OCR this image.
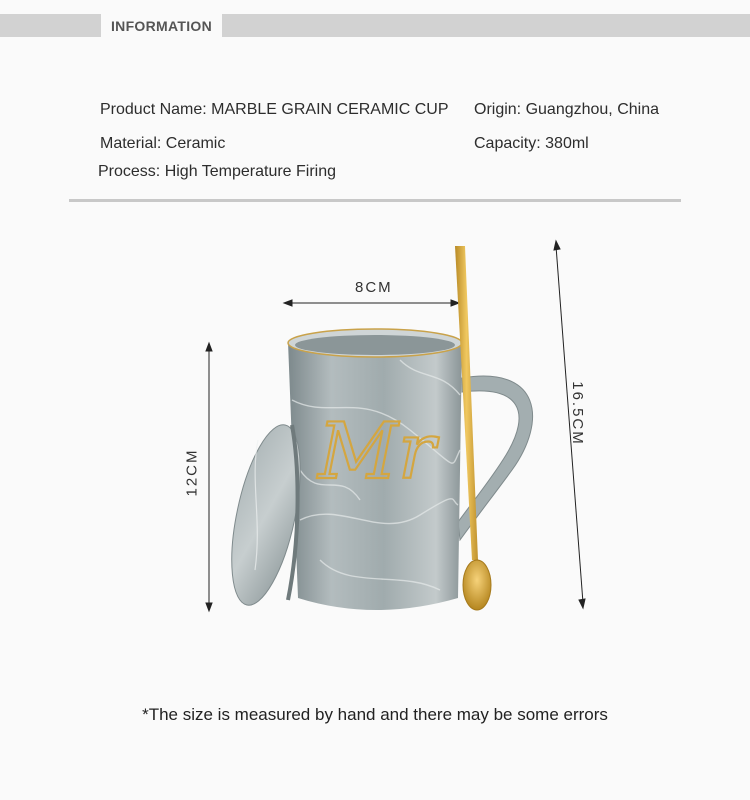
INFORMATION
Product Name: MARBLE GRAIN CERAMIC CUP Origin: Guangzhou, China
Material: Ceramic	Capacity: 380ml
Process: High Temperature Firing
Mr
8CM
12CM
16.5CM
*The size is measured by hand and there may be some errors
